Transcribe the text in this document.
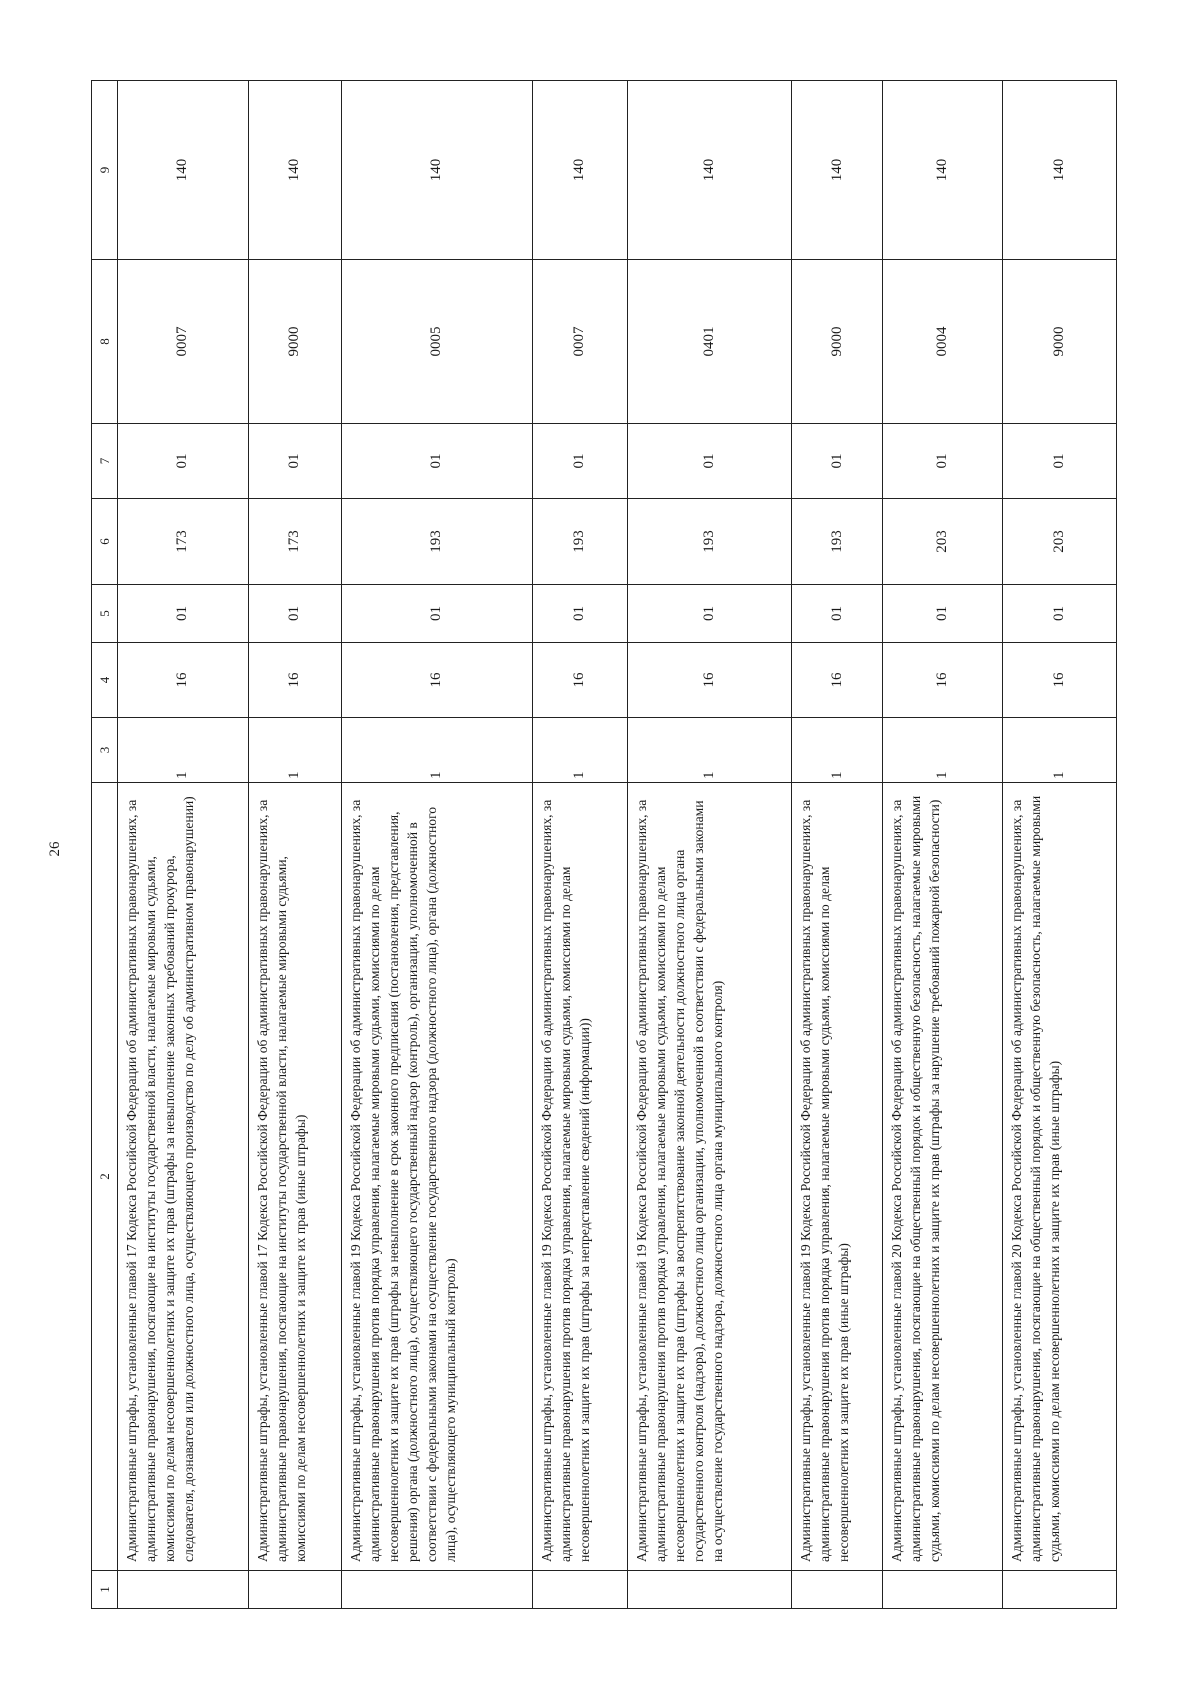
26
1	2	3	4	5	6	7	8	9
	Административные штрафы, установленные главой 17 Кодекса Российской Федерации об административных правонарушениях, за административные правонарушения, посягающие на институты государственной власти, налагаемые мировыми судьями, комиссиями по делам несовершеннолетних и защите их прав (штрафы за невыполнение законных требований прокурора, следователя, дознавателя или должностного лица, осуществляющего производство по делу об административном правонарушении)	1	16	01	173	01	0007	140
	Административные штрафы, установленные главой 17 Кодекса Российской Федерации об административных правонарушениях, за административные правонарушения, посягающие на институты государственной власти, налагаемые мировыми судьями, комиссиями по делам несовершеннолетних и защите их прав (иные штрафы)	1	16	01	173	01	9000	140
	Административные штрафы, установленные главой 19 Кодекса Российской Федерации об административных правонарушениях, за административные правонарушения против порядка управления, налагаемые мировыми судьями, комиссиями по делам несовершеннолетних и защите их прав (штрафы за невыполнение в срок законного предписания (постановления, представления, решения) органа (должностного лица), осуществляющего государственный надзор (контроль), организации, уполномоченной в соответствии с федеральными законами на осуществление государственного надзора (должностного лица), органа (должностного лица), осуществляющего муниципальный контроль)	1	16	01	193	01	0005	140
	Административные штрафы, установленные главой 19 Кодекса Российской Федерации об административных правонарушениях, за административные правонарушения против порядка управления, налагаемые мировыми судьями, комиссиями по делам несовершеннолетних и защите их прав (штрафы за непредставление сведений (информации))	1	16	01	193	01	0007	140
	Административные штрафы, установленные главой 19 Кодекса Российской Федерации об административных правонарушениях, за административные правонарушения против порядка управления, налагаемые мировыми судьями, комиссиями по делам несовершеннолетних и защите их прав (штрафы за воспрепятствование законной деятельности должностного лица органа государственного контроля (надзора), должностного лица организации, уполномоченной в соответствии с федеральными законами на осуществление государственного надзора, должностного лица органа муниципального контроля)	1	16	01	193	01	0401	140
	Административные штрафы, установленные главой 19 Кодекса Российской Федерации об административных правонарушениях, за административные правонарушения против порядка управления, налагаемые мировыми судьями, комиссиями по делам несовершеннолетних и защите их прав (иные штрафы)	1	16	01	193	01	9000	140
	Административные штрафы, установленные главой 20 Кодекса Российской Федерации об административных правонарушениях, за административные правонарушения, посягающие на общественный порядок и общественную безопасность, налагаемые мировыми судьями, комиссиями по делам несовершеннолетних и защите их прав (штрафы за нарушение требований пожарной безопасности)	1	16	01	203	01	0004	140
	Административные штрафы, установленные главой 20 Кодекса Российской Федерации об административных правонарушениях, за административные правонарушения, посягающие на общественный порядок и общественную безопасность, налагаемые мировыми судьями, комиссиями по делам несовершеннолетних и защите их прав (иные штрафы)	1	16	01	203	01	9000	140
